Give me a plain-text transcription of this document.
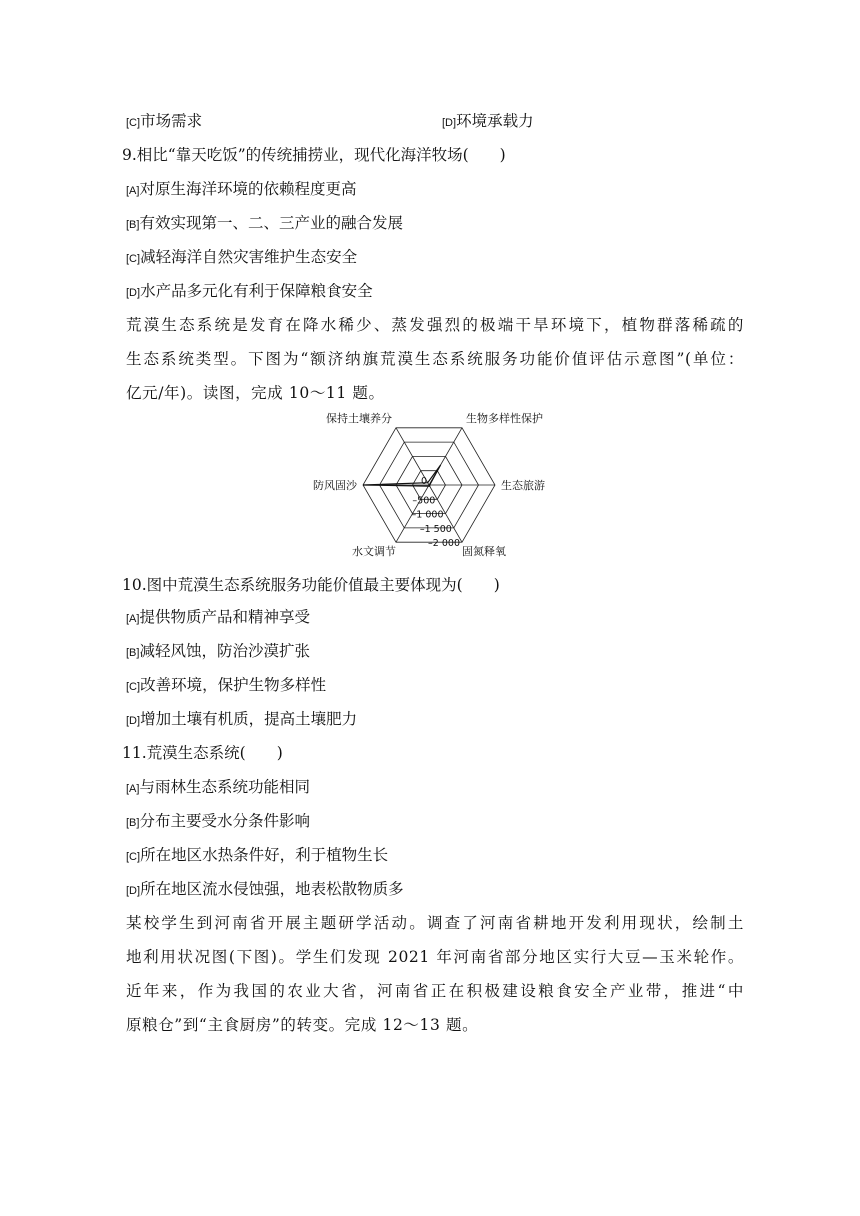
[C]市场需求	[D]环境承载力
9.相比“靠天吃饭”的传统捕捞业，现代化海洋牧场(　　)
[A]对原生海洋环境的依赖程度更高
[B]有效实现第一、二、三产业的融合发展
[C]减轻海洋自然灾害维护生态安全
[D]水产品多元化有利于保障粮食安全
荒漠生态系统是发育在降水稀少、蒸发强烈的极端干旱环境下，植物群落稀疏的
生态系统类型。下图为“额济纳旗荒漠生态系统服务功能价值评估示意图”(单位：
亿元/年)。读图，完成 10～11 题。
0
–500
–1 000
–1 500
–2 000
保持土壤养分	生物多样性保护
生态旅游
固氮释氧
水文调节
防风固沙
10.图中荒漠生态系统服务功能价值最主要体现为(　　)
[A]提供物质产品和精神享受
[B]减轻风蚀，防治沙漠扩张
[C]改善环境，保护生物多样性
[D]增加土壤有机质，提高土壤肥力
11.荒漠生态系统(　　)
[A]与雨林生态系统功能相同
[B]分布主要受水分条件影响
[C]所在地区水热条件好，利于植物生长
[D]所在地区流水侵蚀强，地表松散物质多
某校学生到河南省开展主题研学活动。调查了河南省耕地开发利用现状，绘制土
地利用状况图(下图)。学生们发现 2021 年河南省部分地区实行大豆—玉米轮作。
近年来，作为我国的农业大省，河南省正在积极建设粮食安全产业带，推进“中
原粮仓”到“主食厨房”的转变。完成 12～13 题。
